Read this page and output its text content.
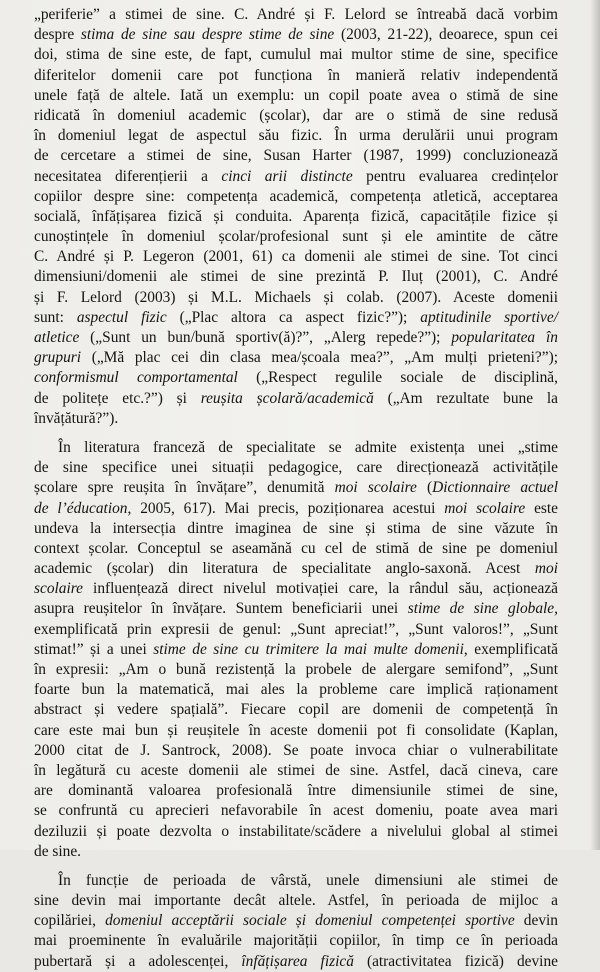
„periferie” a stimei de sine. C. André și F. Lelord se întreabă dacă vorbim
despre stima de sine sau despre stime de sine (2003, 21-22), deoarece, spun cei
doi, stima de sine este, de fapt, cumulul mai multor stime de sine, specifice
diferitelor domenii care pot funcționa în manieră relativ independentă
unele față de altele. Iată un exemplu: un copil poate avea o stimă de sine
ridicată în domeniul academic (școlar), dar are o stimă de sine redusă
în domeniul legat de aspectul său fizic. În urma derulării unui program
de cercetare a stimei de sine, Susan Harter (1987, 1999) concluzionează
necesitatea diferențierii a cinci arii distincte pentru evaluarea credințelor
copiilor despre sine: competența academică, competența atletică, acceptarea
socială, înfățișarea fizică și conduita. Aparența fizică, capacitățile fizice și
cunoștințele în domeniul școlar/profesional sunt și ele amintite de către
C. André și P. Legeron (2001, 61) ca domenii ale stimei de sine. Tot cinci
dimensiuni/domenii ale stimei de sine prezintă P. Iluț (2001), C. André
și F. Lelord (2003) și M.L. Michaels și colab. (2007). Aceste domenii
sunt: aspectul fizic („Plac altora ca aspect fizic?”); aptitudinile sportive/
atletice („Sunt un bun/bună sportiv(ă)?”, „Alerg repede?”); popularitatea în
grupuri („Mă plac cei din clasa mea/școala mea?”, „Am mulți prieteni?”);
conformismul comportamental („Respect regulile sociale de disciplină,
de politețe etc.?”) și reușita școlară/academică („Am rezultate bune la
învățătură?”).
În literatura franceză de specialitate se admite existența unei „stime
de sine specifice unei situații pedagogice, care direcționează activitățile
școlare spre reușita în învățare”, denumită moi scolaire (Dictionnaire actuel
de l’éducation, 2005, 617). Mai precis, poziționarea acestui moi scolaire este
undeva la intersecția dintre imaginea de sine și stima de sine văzute în
context școlar. Conceptul se aseamănă cu cel de stimă de sine pe domeniul
academic (școlar) din literatura de specialitate anglo-saxonă. Acest moi
scolaire influențează direct nivelul motivației care, la rândul său, acționează
asupra reușitelor în învățare. Suntem beneficiarii unei stime de sine globale,
exemplificată prin expresii de genul: „Sunt apreciat!”, „Sunt valoros!”, „Sunt
stimat!” și a unei stime de sine cu trimitere la mai multe domenii, exemplificată
în expresii: „Am o bună rezistență la probele de alergare semifond”, „Sunt
foarte bun la matematică, mai ales la probleme care implică raționament
abstract și vedere spațială”. Fiecare copil are domenii de competență în
care este mai bun și reușitele în aceste domenii pot fi consolidate (Kaplan,
2000 citat de J. Santrock, 2008). Se poate invoca chiar o vulnerabilitate
în legătură cu aceste domenii ale stimei de sine. Astfel, dacă cineva, care
are dominantă valoarea profesională între dimensiunile stimei de sine,
se confruntă cu aprecieri nefavorabile în acest domeniu, poate avea mari
deziluzii și poate dezvolta o instabilitate/scădere a nivelului global al stimei
de sine.
În funcție de perioada de vârstă, unele dimensiuni ale stimei de
sine devin mai importante decât altele. Astfel, în perioada de mijloc a
copilăriei, domeniul acceptării sociale și domeniul competenței sportive devin
mai proeminente în evaluările majorității copiilor, în timp ce în perioada
pubertară și a adolescenței, înfățișarea fizică (atractivitatea fizică) devine
